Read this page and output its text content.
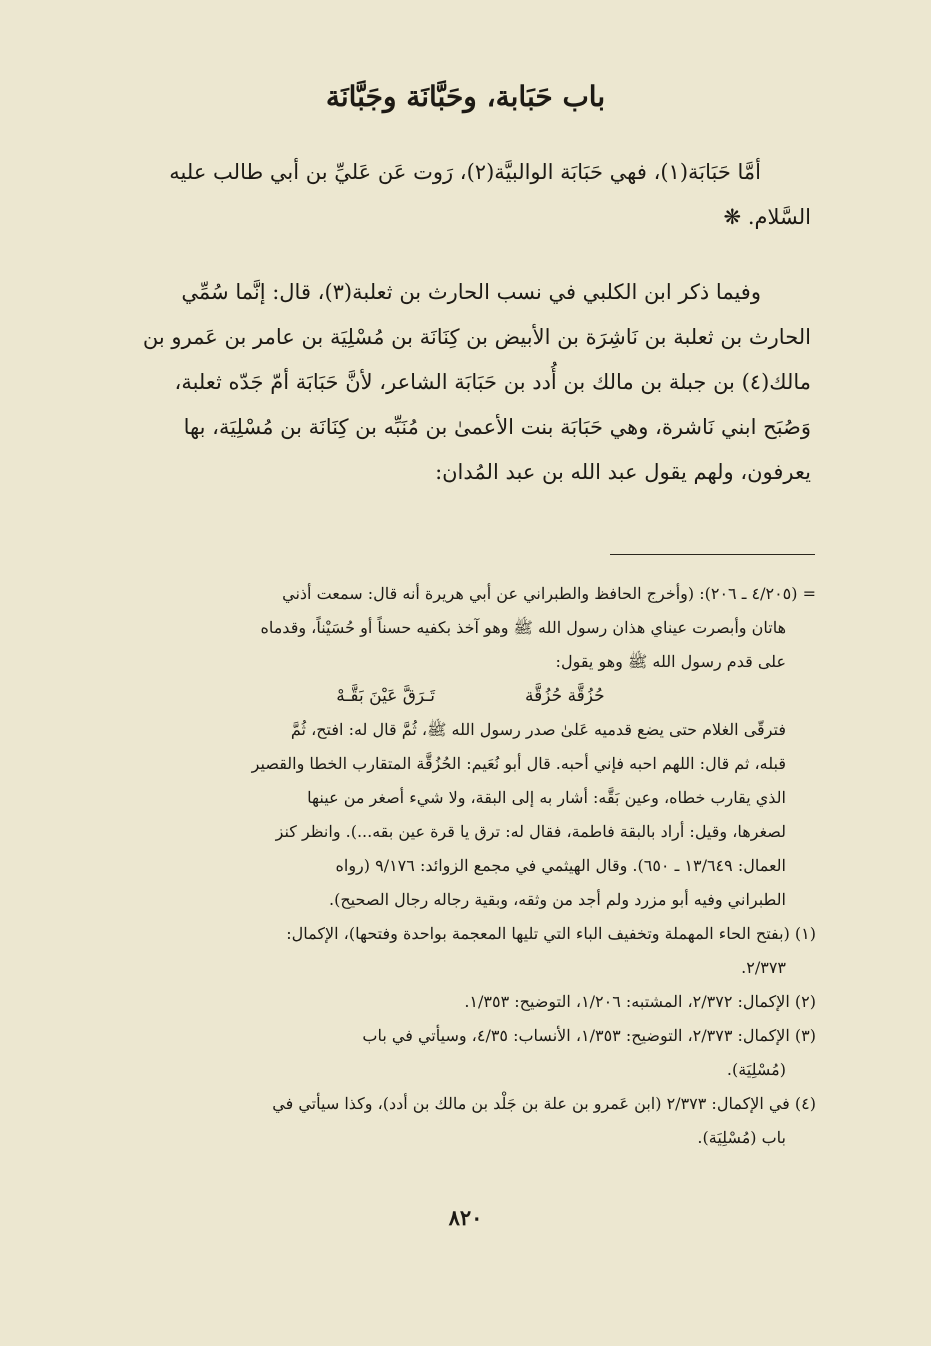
باب حَبَابة، وحَبَّانَة وجَبَّانَة
أمَّا حَبَابَة(١)، فهي حَبَابَة الوالبيَّة(٢)، رَوت عَن عَليِّ بن أبي طالب عليه
السَّلام. ❋
وفيما ذكر ابن الكلبي في نسب الحارث بن ثعلبة(٣)، قال: إنَّما سُمِّي
الحارث بن ثعلبة بن نَاشِرَة بن الأبيض بن كِنَانَة بن مُسْلِيَة بن عامر بن عَمرو بن
مالك(٤) بن جبلة بن مالك بن أُدد بن حَبَابَة الشاعر، لأنَّ حَبَابَة أمّ جَدّه ثعلبة،
وَصُبَح ابني نَاشرة، وهي حَبَابَة بنت الأعمىٰ بن مُنَبِّه بن كِنَانَة بن مُسْلِيَة، بها
يعرفون، ولهم يقول عبد الله بن عبد المُدان:
= (٤/٢٠٥ ـ ٢٠٦): (وأخرج الحافظ والطبراني عن أبي هريرة أنه قال: سمعت أذني
هاتان وأبصرت عيناي هذان رسول الله ﷺ وهو آخذ بكفيه حسناً أو حُسَيْناً، وقدماه
على قدم رسول الله ﷺ وهو يقول:
حُزُقَّة حُزُقَّة
تَـرَقَّ عَيْنَ بَقَّـهْ
فترقّى الغلام حتى يضع قدميه عَلىٰ صدر رسول الله ﷺ، ثُمَّ قال له: افتح، ثُمَّ
قبله، ثم قال: اللهم احبه فإني أحبه. قال أبو نُعَيم: الحُزُقَّة المتقارب الخطا والقصير
الذي يقارب خطاه، وعين بَقَّه: أشار به إلى البقة، ولا شيء أصغر من عينها
لصغرها، وقيل: أراد بالبقة فاطمة، فقال له: ترق يا قرة عين بقه...). وانظر كنز
العمال: ١٣/٦٤٩ ـ ٦٥٠). وقال الهيثمي في مجمع الزوائد: ٩/١٧٦ (رواه
الطبراني وفيه أبو مزرد ولم أجد من وثقه، وبقية رجاله رجال الصحيح).
(١) (بفتح الحاء المهملة وتخفيف الباء التي تليها المعجمة بواحدة وفتحها)، الإكمال:
٢/٣٧٣.
(٢) الإكمال: ٢/٣٧٢، المشتبه: ١/٢٠٦، التوضيح: ١/٣٥٣.
(٣) الإكمال: ٢/٣٧٣، التوضيح: ١/٣٥٣، الأنساب: ٤/٣٥، وسيأتي في باب
(مُسْلِيَة).
(٤) في الإكمال: ٢/٣٧٣ (ابن عَمرو بن علة بن جَلْد بن مالك بن أدد)، وكذا سيأتي في
باب (مُسْلِيَة).
٨٢٠
